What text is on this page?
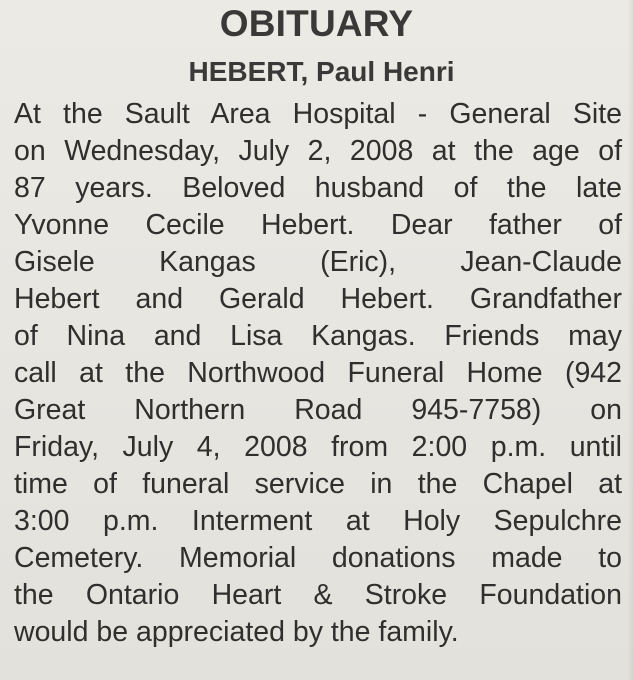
OBITUARY
HEBERT, Paul Henri
At the Sault Area Hospital - General Site
on Wednesday, July 2, 2008 at the age of
87 years. Beloved husband of the late
Yvonne Cecile Hebert. Dear father of
Gisele Kangas (Eric), Jean-Claude
Hebert and Gerald Hebert. Grandfather
of Nina and Lisa Kangas. Friends may
call at the Northwood Funeral Home (942
Great Northern Road 945-7758) on
Friday, July 4, 2008 from 2:00 p.m. until
time of funeral service in the Chapel at
3:00 p.m. Interment at Holy Sepulchre
Cemetery. Memorial donations made to
the Ontario Heart & Stroke Foundation
would be appreciated by the family.
